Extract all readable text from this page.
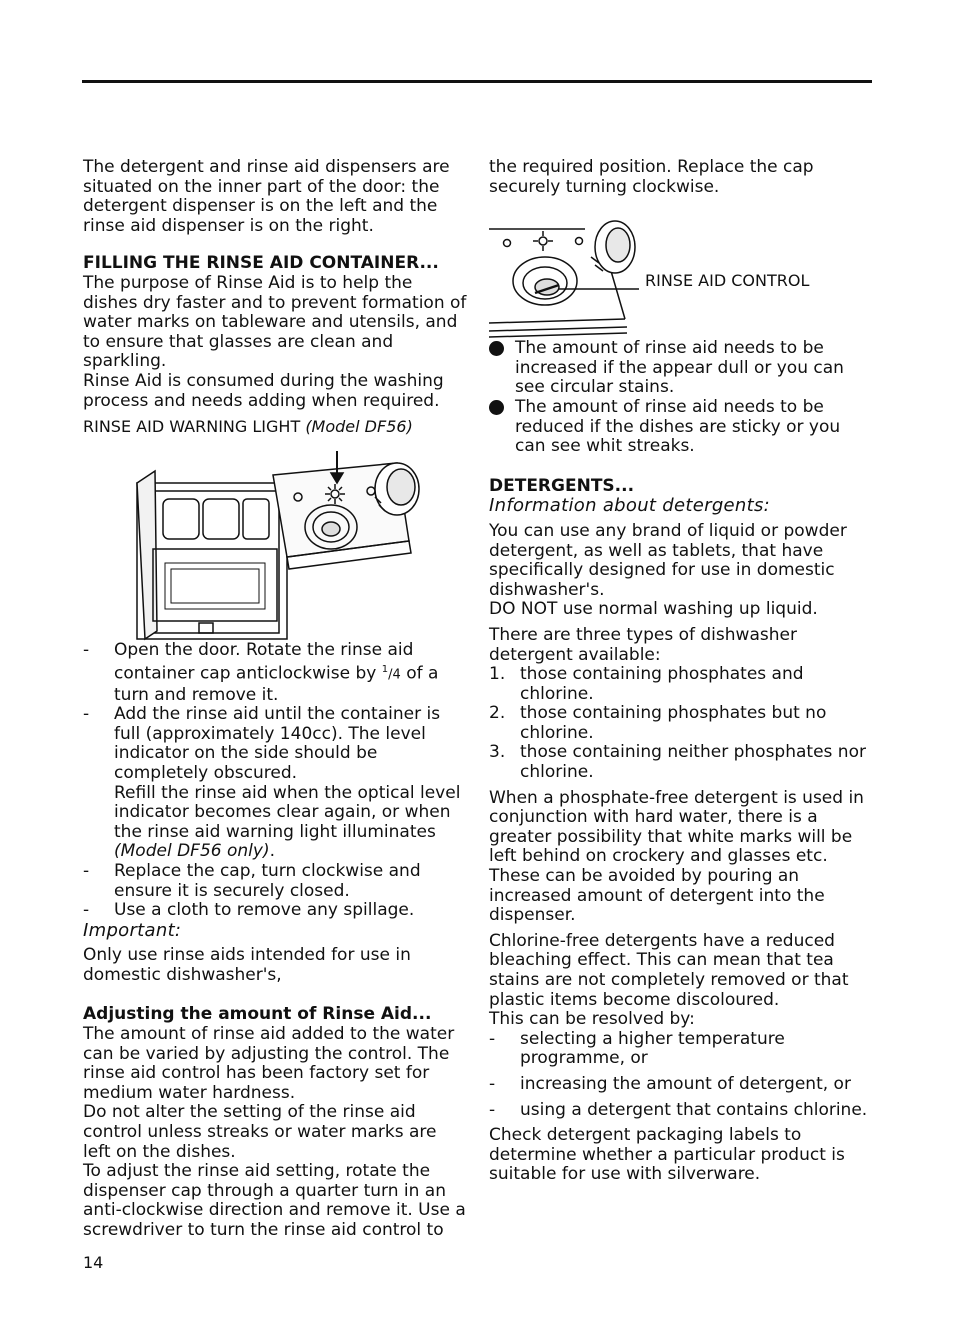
The detergent and rinse aid dispensers are situated on the inner part of the door: the detergent dispenser is on the left and the rinse aid dispenser is on the right.

FILLING THE RINSE AID CONTAINER...

The purpose of Rinse Aid is to help the dishes dry faster and to prevent formation of water marks on tableware and utensils, and to ensure that glasses are clean and sparkling.

Rinse Aid is consumed during the washing process and needs adding when required.

RINSE AID WARNING LIGHT (Model DF56)

- Open the door. Rotate the rinse aid container cap anticlockwise by $^1$/4 of a turn and remove it.
- Add the rinse aid until the container is full (approximately 140cc). The level indicator on the side should be completely obscured.
Refill the rinse aid when the optical level indicator becomes clear again, or when the rinse aid warning light illuminates (Model DF56 only).
- Replace the cap, turn clockwise and ensure it is securely closed.
- Use a cloth to remove any spillage.

Important:

Only use rinse aids intended for use in domestic dishwasher's,

Adjusting the amount of Rinse Aid...

The amount of rinse aid added to the water can be varied by adjusting the control. The rinse aid control has been factory set for medium water hardness.

Do not alter the setting of the rinse aid control unless streaks or water marks are left on the dishes.

To adjust the rinse aid setting, rotate the dispenser cap through a quarter turn in an anti-clockwise direction and remove it. Use a screwdriver to turn the rinse aid control to

the required position. Replace the cap securely turning clockwise.

RINSE AID CONTROL
The amount of rinse aid needs to be increased if the appear dull or you can see circular stains.
The amount of rinse aid needs to be reduced if the dishes are sticky or you can see whit streaks.
DETERGENTS...

Information about detergents:

You can use any brand of liquid or powder detergent, as well as tablets, that have specifically designed for use in domestic dishwasher's.

DO NOT use normal washing up liquid.

There are three types of dishwasher detergent available:

1. those containing phosphates and chlorine.
2. those containing phosphates but no chlorine.
3. those containing neither phosphates nor chlorine.

When a phosphate-free detergent is used in conjunction with hard water, there is a greater possibility that white marks will be left behind on crockery and glasses etc. These can be avoided by pouring an increased amount of detergent into the dispenser.

Chlorine-free detergents have a reduced bleaching effect. This can mean that tea stains are not completely removed or that plastic items become discoloured.

This can be resolved by:

- selecting a higher temperature programme, or
- increasing the amount of detergent, or
- using a detergent that contains chlorine.

Check detergent packaging labels to determine whether a particular product is suitable for use with silverware.

14
